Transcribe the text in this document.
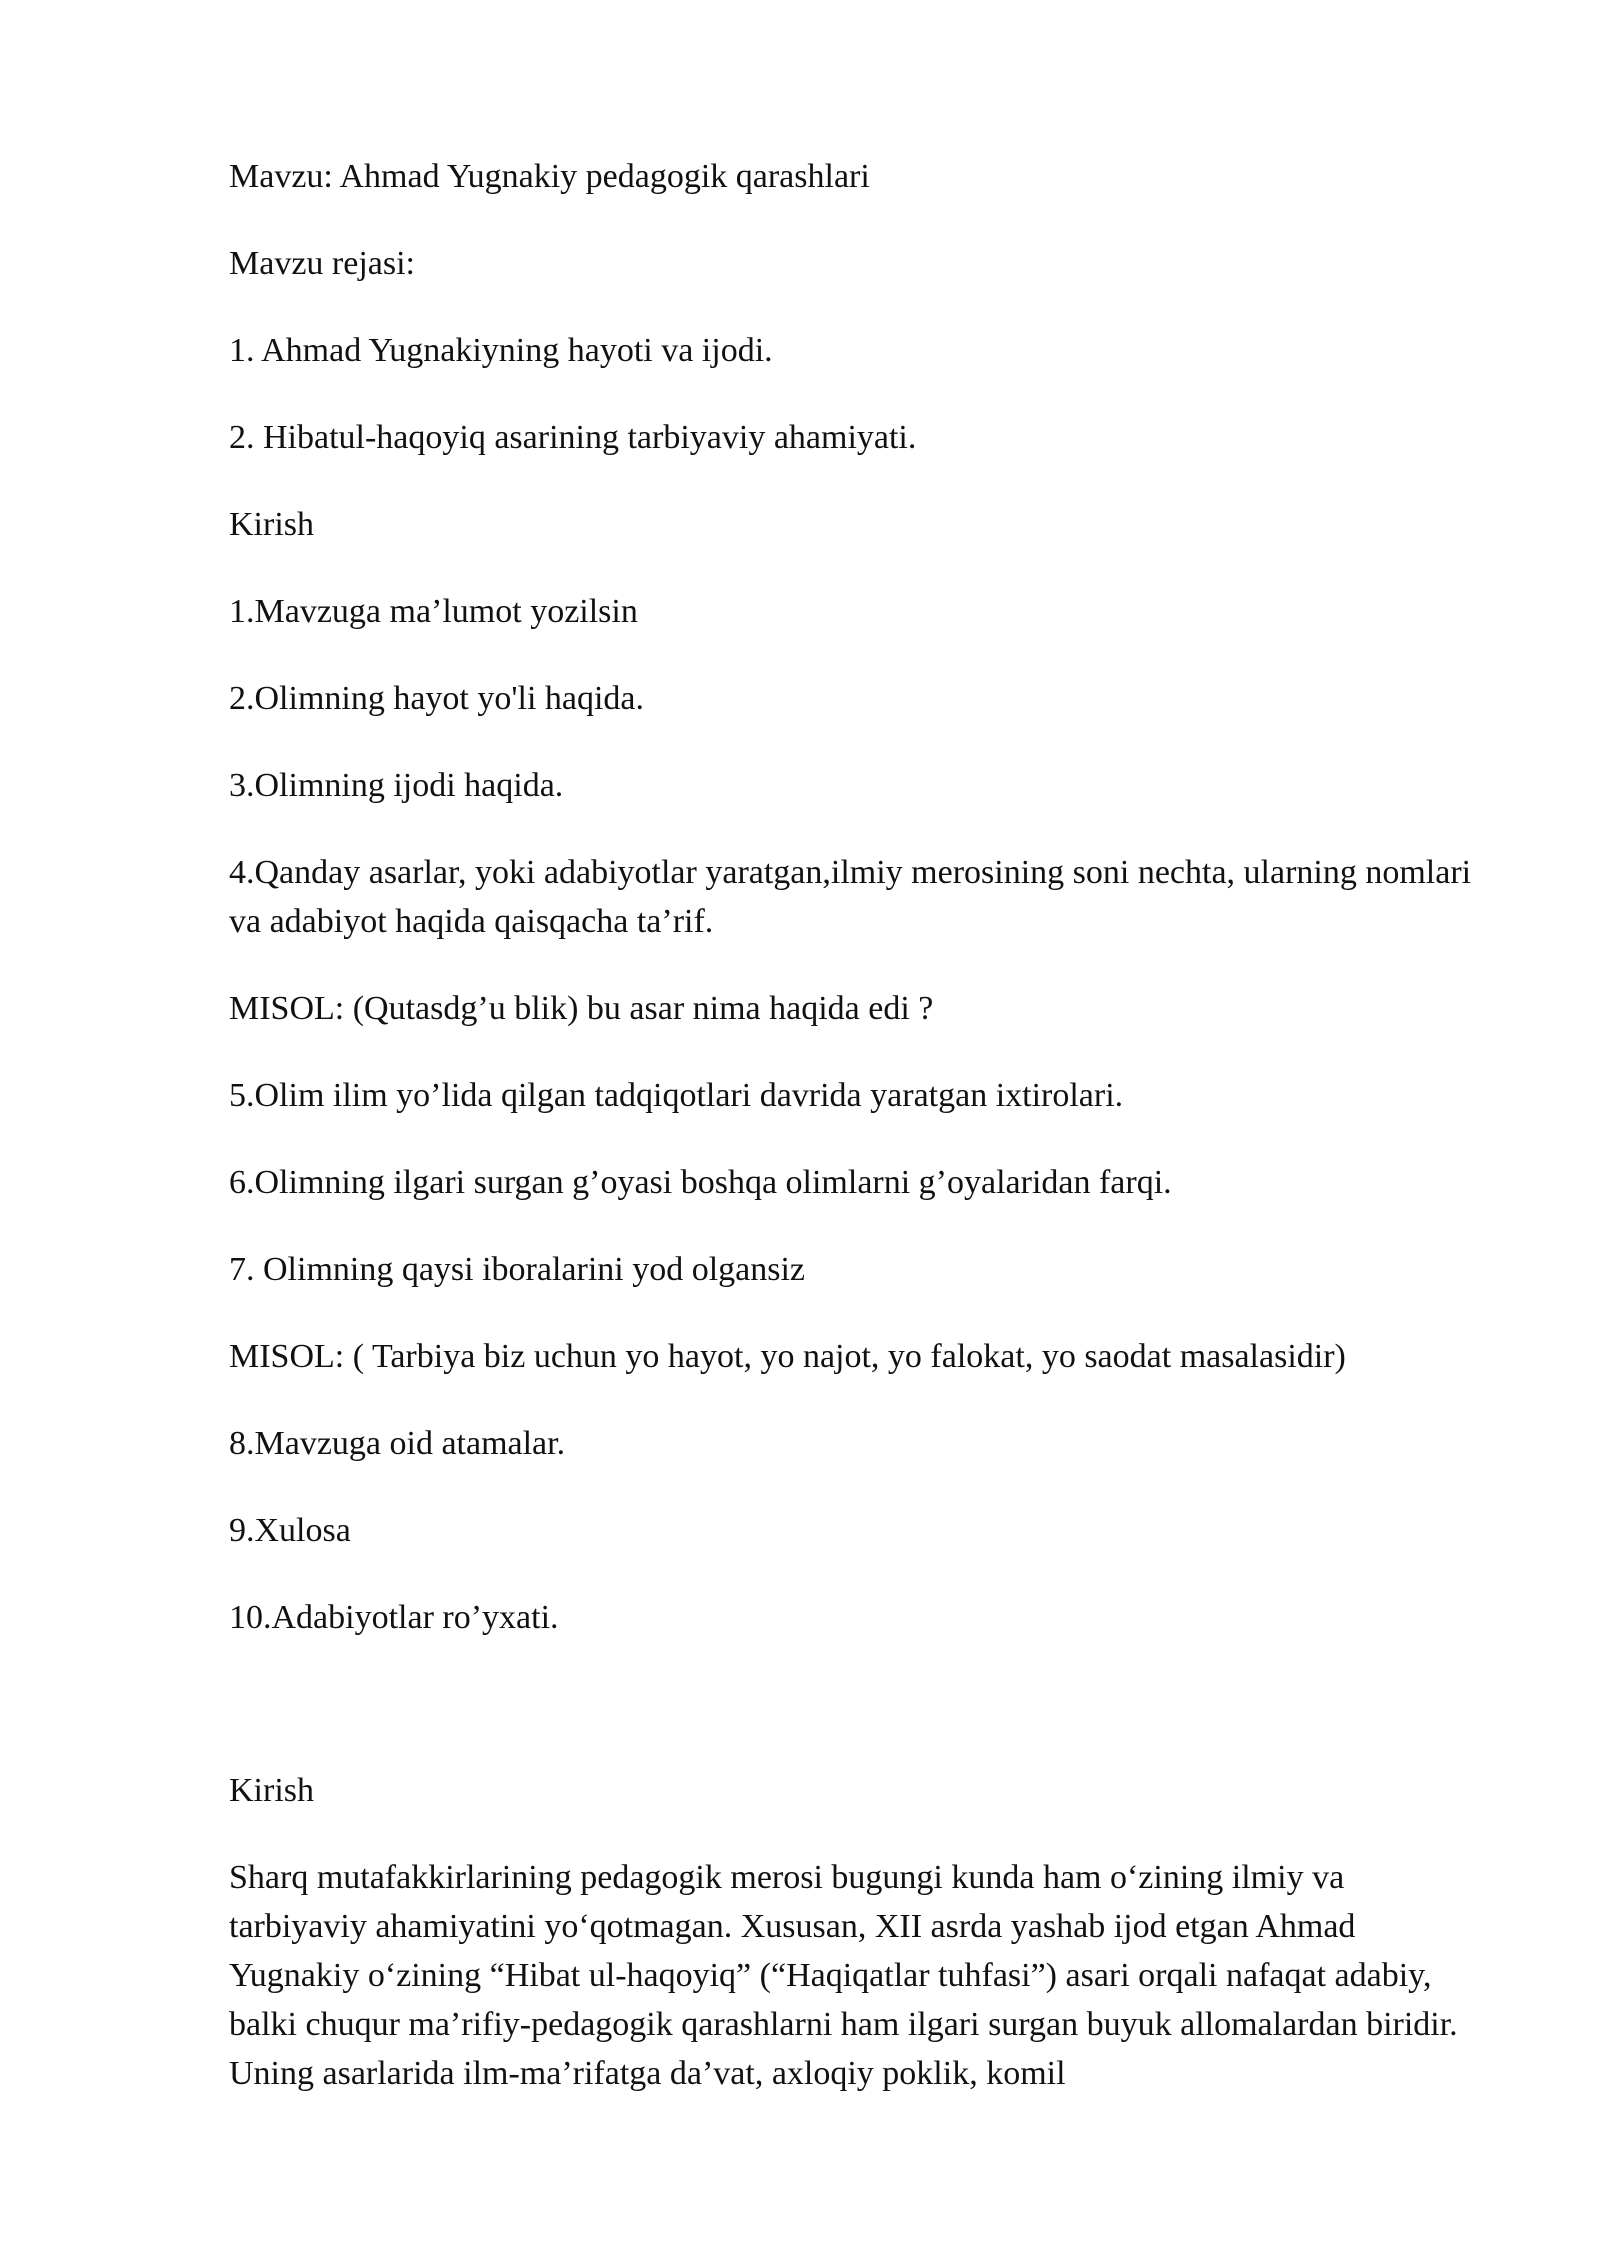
Mavzu: Ahmad Yugnakiy pedagogik qarashlari

Mavzu rejasi:

1. Ahmad Yugnakiyning hayoti va ijodi.

2. Hibatul-haqoyiq asarining tarbiyaviy ahamiyati.

Kirish

1.Mavzuga ma’lumot yozilsin

2.Olimning hayot yo'li haqida.

3.Olimning ijodi haqida.

4.Qanday asarlar, yoki adabiyotlar yaratgan,ilmiy merosining soni nechta, ularning nomlari va adabiyot haqida qaisqacha ta’rif.

MISOL: (Qutasdg’u blik) bu asar nima haqida edi ?

5.Olim ilim yo’lida qilgan tadqiqotlari davrida yaratgan ixtirolari.

6.Olimning ilgari surgan g’oyasi boshqa olimlarni g’oyalaridan farqi.

7. Olimning qaysi iboralarini yod olgansiz

MISOL: ( Tarbiya biz uchun yo hayot, yo najot, yo falokat, yo saodat masalasidir)

8.Mavzuga oid atamalar.

9.Xulosa

10.Adabiyotlar ro’yxati.

Kirish

Sharq mutafakkirlarining pedagogik merosi bugungi kunda ham o‘zining ilmiy va tarbiyaviy ahamiyatini yo‘qotmagan. Xususan, XII asrda yashab ijod etgan Ahmad Yugnakiy o‘zining “Hibat ul-haqoyiq” (“Haqiqatlar tuhfasi”) asari orqali nafaqat adabiy, balki chuqur ma’rifiy-pedagogik qarashlarni ham ilgari surgan buyuk allomalardan biridir. Uning asarlarida ilm-ma’rifatga da’vat, axloqiy poklik, komil
